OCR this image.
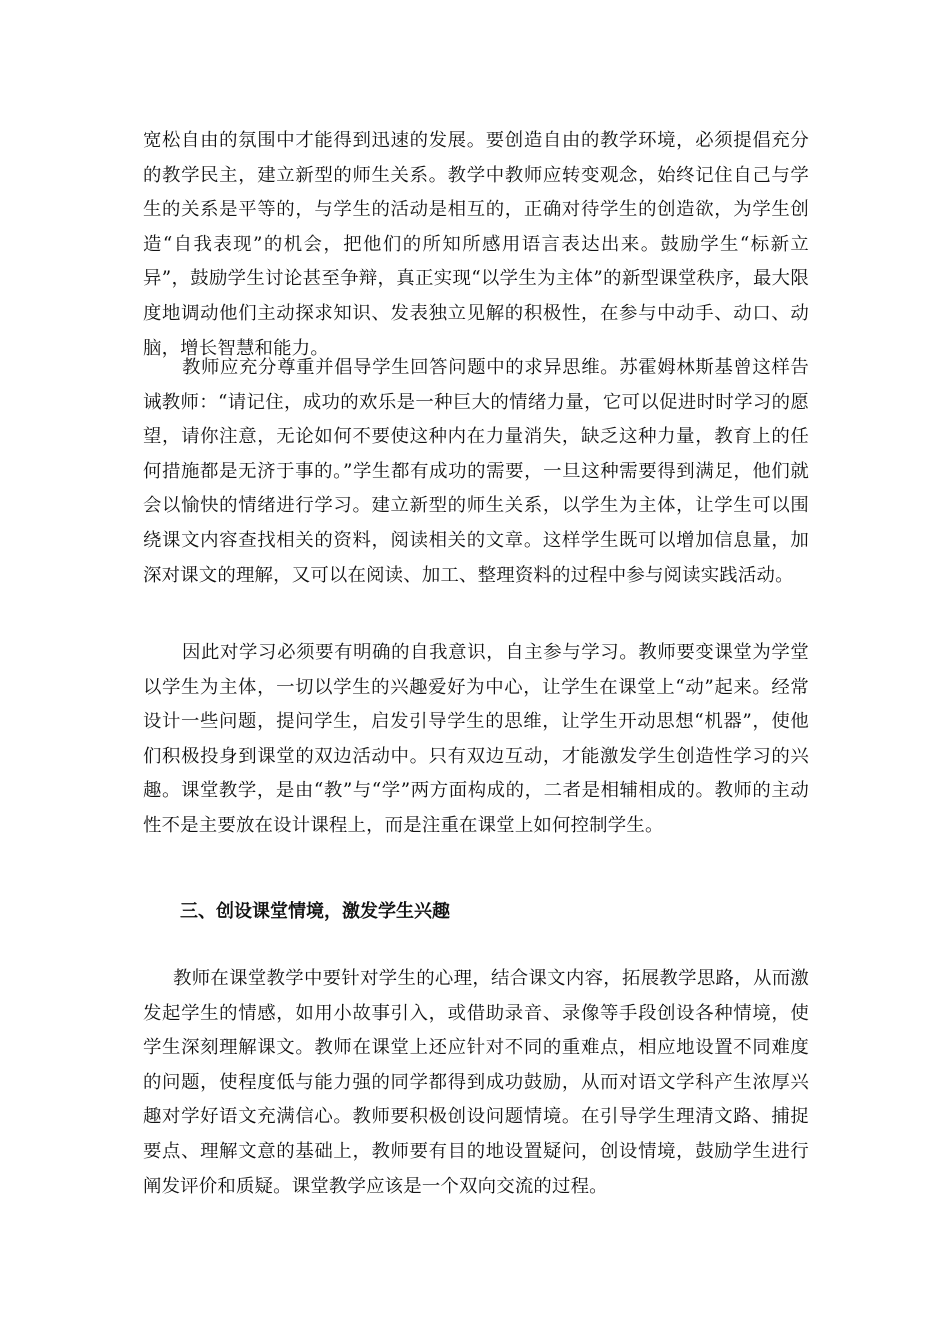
宽松自由的氛围中才能得到迅速的发展。要创造自由的教学环境，必须提倡充分的教学民主，建立新型的师生关系。教学中教师应转变观念，始终记住自己与学生的关系是平等的，与学生的活动是相互的，正确对待学生的创造欲，为学生创造“自我表现”的机会，把他们的所知所感用语言表达出来。鼓励学生“标新立异”，鼓励学生讨论甚至争辩，真正实现“以学生为主体”的新型课堂秩序，最大限度地调动他们主动探求知识、发表独立见解的积极性，在参与中动手、动口、动脑，增长智慧和能力。

教师应充分尊重并倡导学生回答问题中的求异思维。苏霍姆林斯基曾这样告诫教师：“请记住，成功的欢乐是一种巨大的情绪力量，它可以促进时时学习的愿望，请你注意，无论如何不要使这种内在力量消失，缺乏这种力量，教育上的任何措施都是无济于事的。”学生都有成功的需要，一旦这种需要得到满足，他们就会以愉快的情绪进行学习。建立新型的师生关系，以学生为主体，让学生可以围绕课文内容查找相关的资料，阅读相关的文章。这样学生既可以增加信息量，加深对课文的理解，又可以在阅读、加工、整理资料的过程中参与阅读实践活动。

因此对学习必须要有明确的自我意识，自主参与学习。教师要变课堂为学堂以学生为主体，一切以学生的兴趣爱好为中心，让学生在课堂上“动”起来。经常设计一些问题，提问学生，启发引导学生的思维，让学生开动思想“机器”，使他们积极投身到课堂的双边活动中。只有双边互动，才能激发学生创造性学习的兴趣。课堂教学，是由“教”与“学”两方面构成的，二者是相辅相成的。教师的主动性不是主要放在设计课程上，而是注重在课堂上如何控制学生。

三、创设课堂情境，激发学生兴趣

教师在课堂教学中要针对学生的心理，结合课文内容，拓展教学思路，从而激发起学生的情感，如用小故事引入，或借助录音、录像等手段创设各种情境，使学生深刻理解课文。教师在课堂上还应针对不同的重难点，相应地设置不同难度的问题，使程度低与能力强的同学都得到成功鼓励，从而对语文学科产生浓厚兴趣对学好语文充满信心。教师要积极创设问题情境。在引导学生理清文路、捕捉要点、理解文意的基础上，教师要有目的地设置疑问，创设情境，鼓励学生进行阐发评价和质疑。课堂教学应该是一个双向交流的过程。
